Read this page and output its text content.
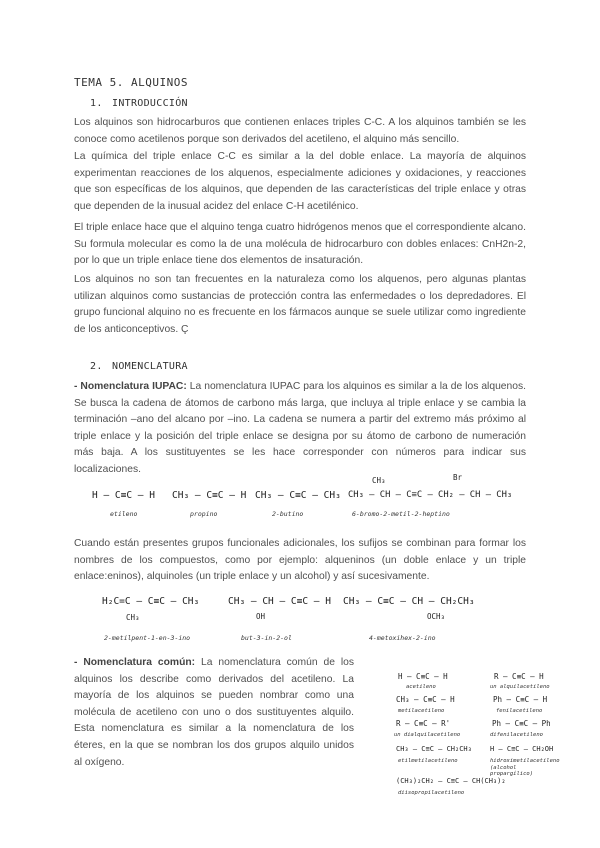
TEMA 5. ALQUINOS
1. INTRODUCCIÓN
Los alquinos son hidrocarburos que contienen enlaces triples C-C. A los alquinos también se les conoce como acetilenos porque son derivados del acetileno, el alquino más sencillo.
La química del triple enlace C-C es similar a la del doble enlace. La mayoría de alquinos experimentan reacciones de los alquenos, especialmente adiciones y oxidaciones, y reacciones que son específicas de los alquinos, que dependen de las características del triple enlace y otras que dependen de la inusual acidez del enlace C-H acetilénico.
El triple enlace hace que el alquino tenga cuatro hidrógenos menos que el correspondiente alcano. Su formula molecular es como la de una molécula de hidrocarburo con dobles enlaces: CnH2n-2, por lo que un triple enlace tiene dos elementos de insaturación.
Los alquinos no son tan frecuentes en la naturaleza como los alquenos, pero algunas plantas utilizan alquinos como sustancias de protección contra las enfermedades o los depredadores. El grupo funcional alquino no es frecuente en los fármacos aunque se suele utilizar como ingrediente de los anticonceptivos. Ç
2. NOMENCLATURA
- Nomenclatura IUPAC: La nomenclatura IUPAC para los alquinos es similar a la de los alquenos. Se busca la cadena de átomos de carbono más larga, que incluya al triple enlace y se cambia la terminación –ano del alcano por –ino. La cadena se numera a partir del extremo más próximo al triple enlace y la posición del triple enlace se designa por su átomo de carbono de numeración más baja. A los sustituyentes se les hace corresponder con números para indicar sus localizaciones.
H – C≡C – H
etileno
CH₃ – C≡C – H
propino
CH₃ – C≡C – CH₃
2-butino
CH₃	Br
CH₃ – CH – C≡C – CH₂ – CH – CH₃
6-bromo-2-metil-2-heptino
Cuando están presentes grupos funcionales adicionales, los sufijos se combinan para formar los nombres de los compuestos, como por ejemplo: alqueninos (un doble enlace y un triple enlace:eninos), alquinoles (un triple enlace y un alcohol) y así sucesivamente.
H₂C=C – C≡C – CH₃
CH₃
2-metilpent-1-en-3-ino
CH₃ – CH – C≡C – H
OH
but-3-in-2-ol
CH₃ – C≡C – CH – CH₂CH₃
OCH₃
4-metoxihex-2-ino
- Nomenclatura común: La nomenclatura común de los alquinos los describe como derivados del acetileno. La mayoría de los alquinos se pueden nombrar como una molécula de acetileno con uno o dos sustituyentes alquilo. Esta nomenclatura es similar a la nomenclatura de los éteres, en la que se nombran los dos grupos alquilo unidos al oxígeno.
H – C≡C – H
acetileno
R – C≡C – H
un alquilacetileno
CH₃ – C≡C – H
metilacetileno
Ph – C≡C – H
fenilacetileno
R – C≡C – R'
un dialquilacetileno
Ph – C≡C – Ph
difenilacetileno
CH₃ – C≡C – CH₂CH₃
etilmetilacetileno
H – C≡C – CH₂OH
hidroximetilacetileno (alcohol propargílico)
(CH₃)₂CH₂ – C≡C – CH(CH₃)₂
diisopropilacetileno
